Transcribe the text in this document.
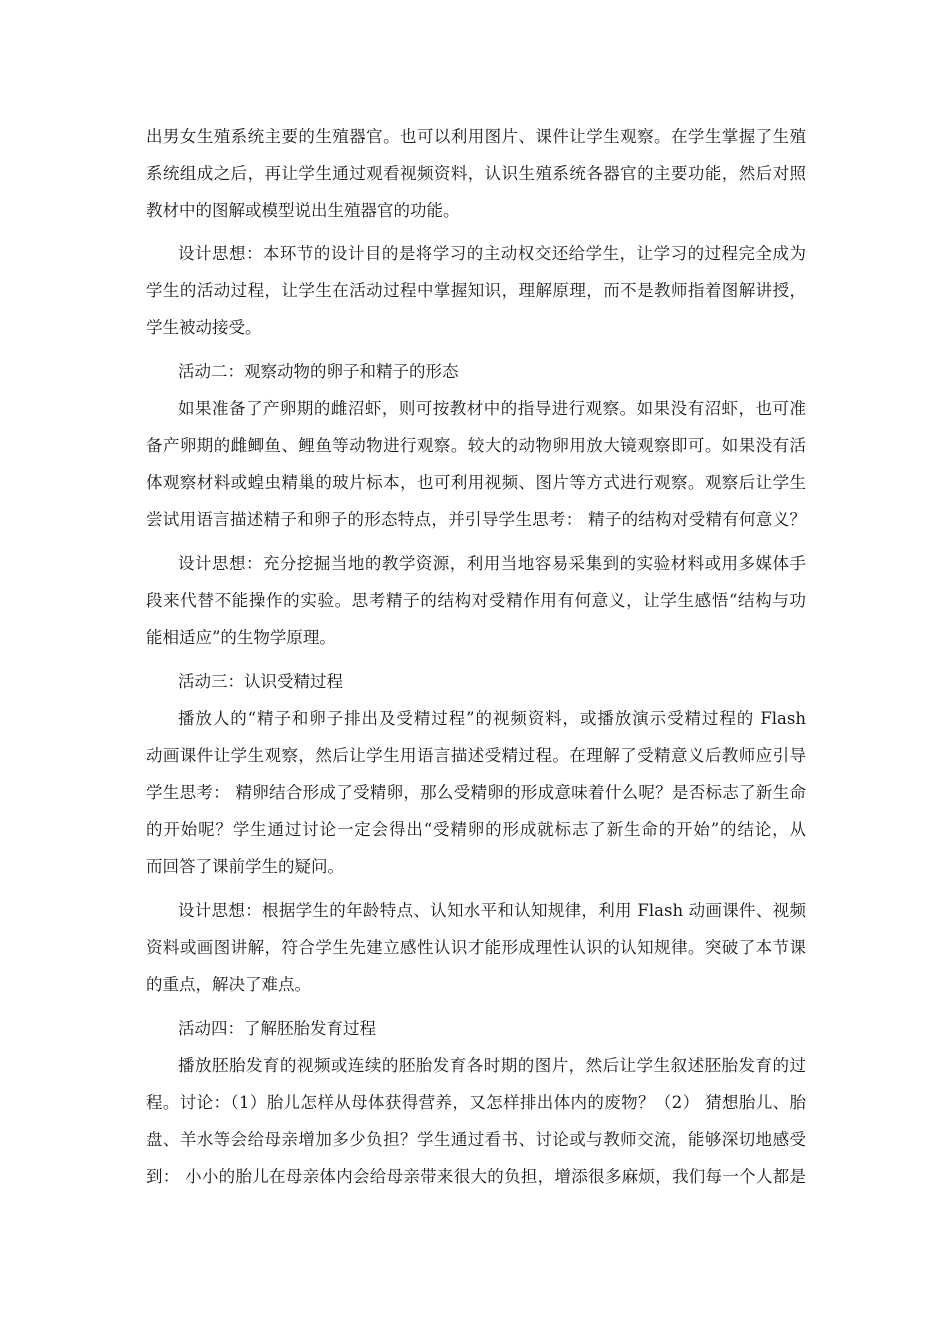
出男女生殖系统主要的生殖器官。也可以利用图片、课件让学生观察。在学生掌握了生殖
系统组成之后，再让学生通过观看视频资料，认识生殖系统各器官的主要功能，然后对照
教材中的图解或模型说出生殖器官的功能。
设计思想：本环节的设计目的是将学习的主动权交还给学生，让学习的过程完全成为
学生的活动过程，让学生在活动过程中掌握知识，理解原理，而不是教师指着图解讲授，
学生被动接受。
活动二：观察动物的卵子和精子的形态
如果准备了产卵期的雌沼虾，则可按教材中的指导进行观察。如果没有沼虾，也可准
备产卵期的雌鲫鱼、鲤鱼等动物进行观察。较大的动物卵用放大镜观察即可。如果没有活
体观察材料或蝗虫精巢的玻片标本，也可利用视频、图片等方式进行观察。观察后让学生
尝试用语言描述精子和卵子的形态特点，并引导学生思考： 精子的结构对受精有何意义？
设计思想：充分挖掘当地的教学资源，利用当地容易采集到的实验材料或用多媒体手
段来代替不能操作的实验。思考精子的结构对受精作用有何意义，让学生感悟“结构与功
能相适应”的生物学原理。
活动三：认识受精过程
播放人的“精子和卵子排出及受精过程”的视频资料，或播放演示受精过程的 Flash
动画课件让学生观察，然后让学生用语言描述受精过程。在理解了受精意义后教师应引导
学生思考： 精卵结合形成了受精卵，那么受精卵的形成意味着什么呢？是否标志了新生命
的开始呢？学生通过讨论一定会得出“受精卵的形成就标志了新生命的开始”的结论，从
而回答了课前学生的疑问。
设计思想：根据学生的年龄特点、认知水平和认知规律，利用 Flash 动画课件、视频
资料或画图讲解，符合学生先建立感性认识才能形成理性认识的认知规律。突破了本节课
的重点，解决了难点。
活动四：了解胚胎发育过程
播放胚胎发育的视频或连续的胚胎发育各时期的图片，然后让学生叙述胚胎发育的过
程。讨论：（1）胎儿怎样从母体获得营养，又怎样排出体内的废物？（2） 猜想胎儿、胎
盘、羊水等会给母亲增加多少负担？学生通过看书、讨论或与教师交流，能够深切地感受
到： 小小的胎儿在母亲体内会给母亲带来很大的负担，增添很多麻烦，我们每一个人都是
